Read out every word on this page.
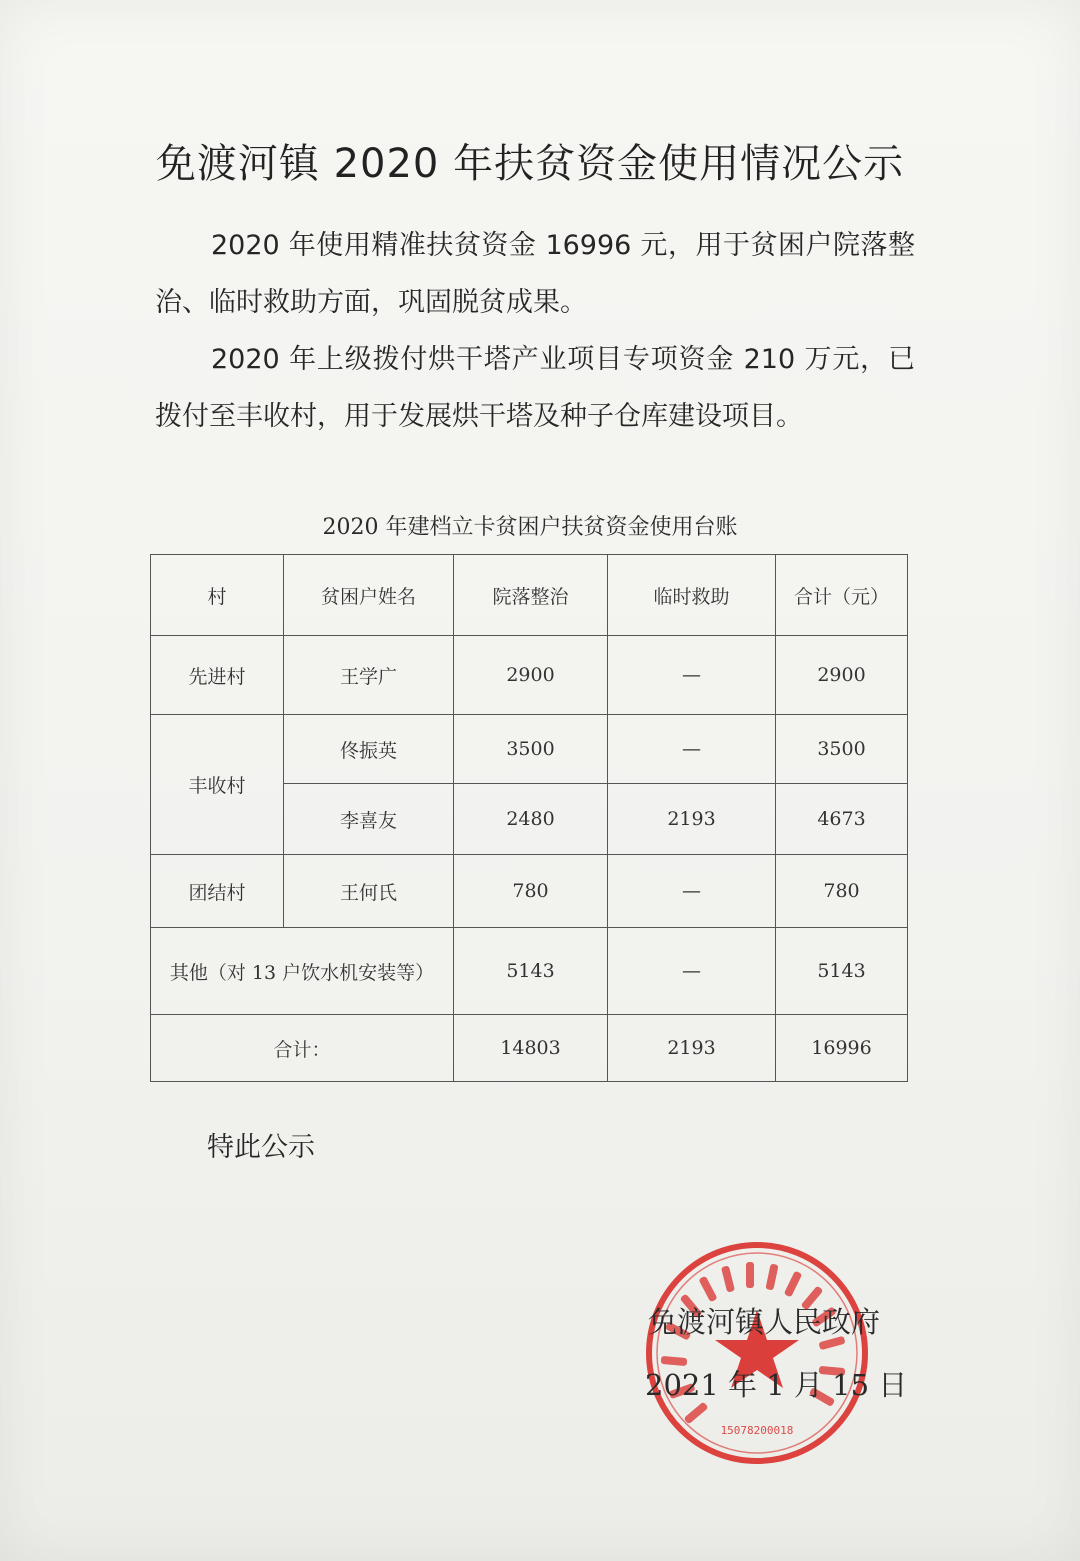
免渡河镇 2020 年扶贫资金使用情况公示
2020 年使用精准扶贫资金 16996 元，用于贫困户院落整治、临时救助方面，巩固脱贫成果。
2020 年上级拨付烘干塔产业项目专项资金 210 万元，已拨付至丰收村，用于发展烘干塔及种子仓库建设项目。
2020 年建档立卡贫困户扶贫资金使用台账
村	贫困户姓名	院落整治	临时救助	合计（元）
先进村	王学广	2900	—	2900
丰收村	佟振英	3500	—	3500
	李喜友	2480	2193	4673
团结村	王何氏	780	—	780
其他（对 13 户饮水机安装等）		5143	—	5143
合计：		14803	2193	16996
特此公示
15078200018
免渡河镇人民政府
2021 年 1 月 15 日
